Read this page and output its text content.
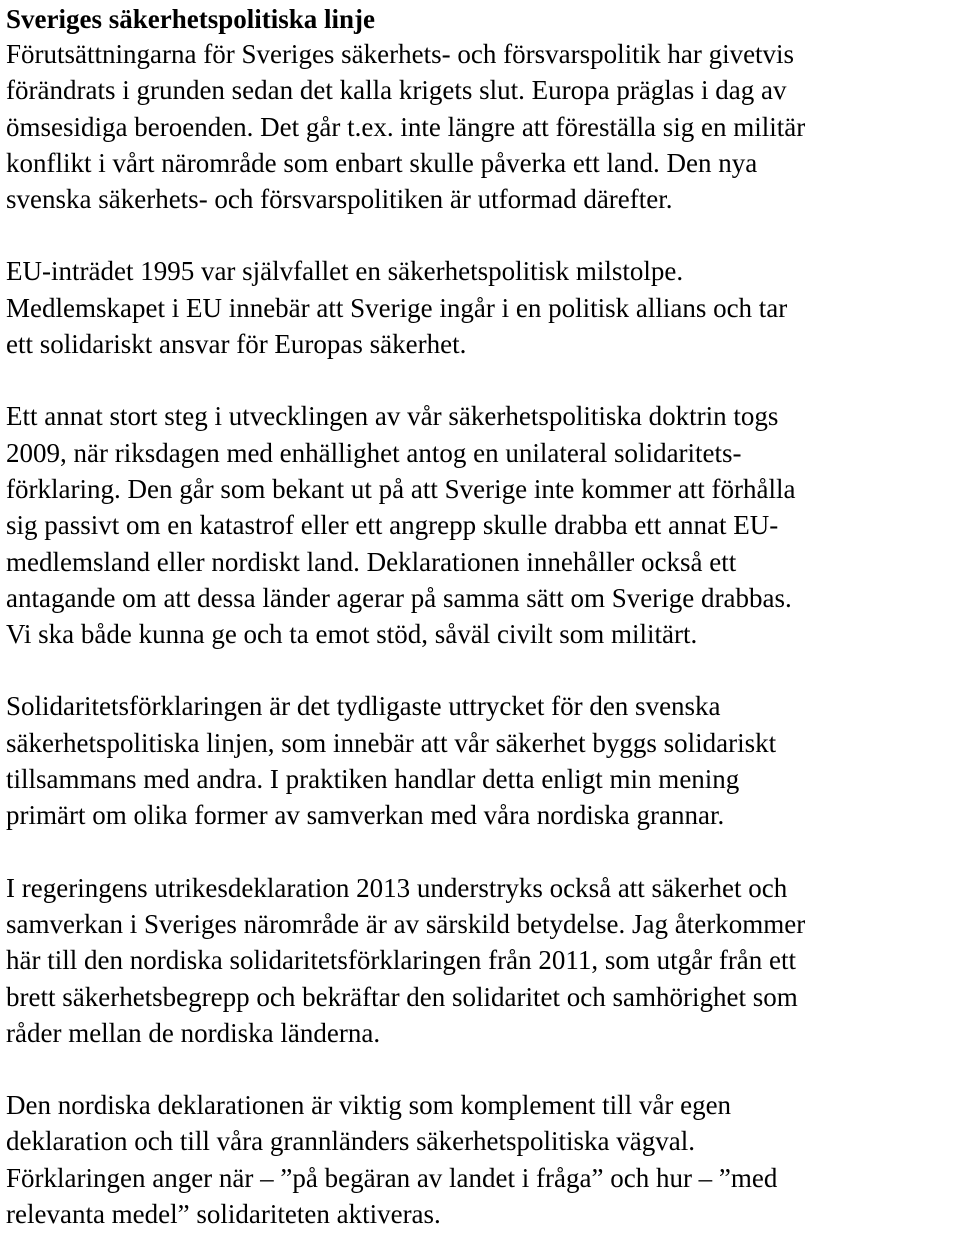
Sveriges säkerhetspolitiska linje
Förutsättningarna för Sveriges säkerhets- och försvarspolitik har givetvis
förändrats i grunden sedan det kalla krigets slut. Europa präglas i dag av
ömsesidiga beroenden. Det går t.ex. inte längre att föreställa sig en militär
konflikt i vårt närområde som enbart skulle påverka ett land. Den nya
svenska säkerhets- och försvarspolitiken är utformad därefter.
EU-inträdet 1995 var självfallet en säkerhetspolitisk milstolpe.
Medlemskapet i EU innebär att Sverige ingår i en politisk allians och tar
ett solidariskt ansvar för Europas säkerhet.
Ett annat stort steg i utvecklingen av vår säkerhetspolitiska doktrin togs
2009, när riksdagen med enhällighet antog en unilateral solidaritets-
förklaring. Den går som bekant ut på att Sverige inte kommer att förhålla
sig passivt om en katastrof eller ett angrepp skulle drabba ett annat EU-
medlemsland eller nordiskt land. Deklarationen innehåller också ett
antagande om att dessa länder agerar på samma sätt om Sverige drabbas.
Vi ska både kunna ge och ta emot stöd, såväl civilt som militärt.
Solidaritetsförklaringen är det tydligaste uttrycket för den svenska
säkerhetspolitiska linjen, som innebär att vår säkerhet byggs solidariskt
tillsammans med andra. I praktiken handlar detta enligt min mening
primärt om olika former av samverkan med våra nordiska grannar.
I regeringens utrikesdeklaration 2013 understryks också att säkerhet och
samverkan i Sveriges närområde är av särskild betydelse. Jag återkommer
här till den nordiska solidaritetsförklaringen från 2011, som utgår från ett
brett säkerhetsbegrepp och bekräftar den solidaritet och samhörighet som
råder mellan de nordiska länderna.
Den nordiska deklarationen är viktig som komplement till vår egen
deklaration och till våra grannländers säkerhetspolitiska vägval.
Förklaringen anger när – ”på begäran av landet i fråga” och hur – ”med
relevanta medel” solidariteten aktiveras.
